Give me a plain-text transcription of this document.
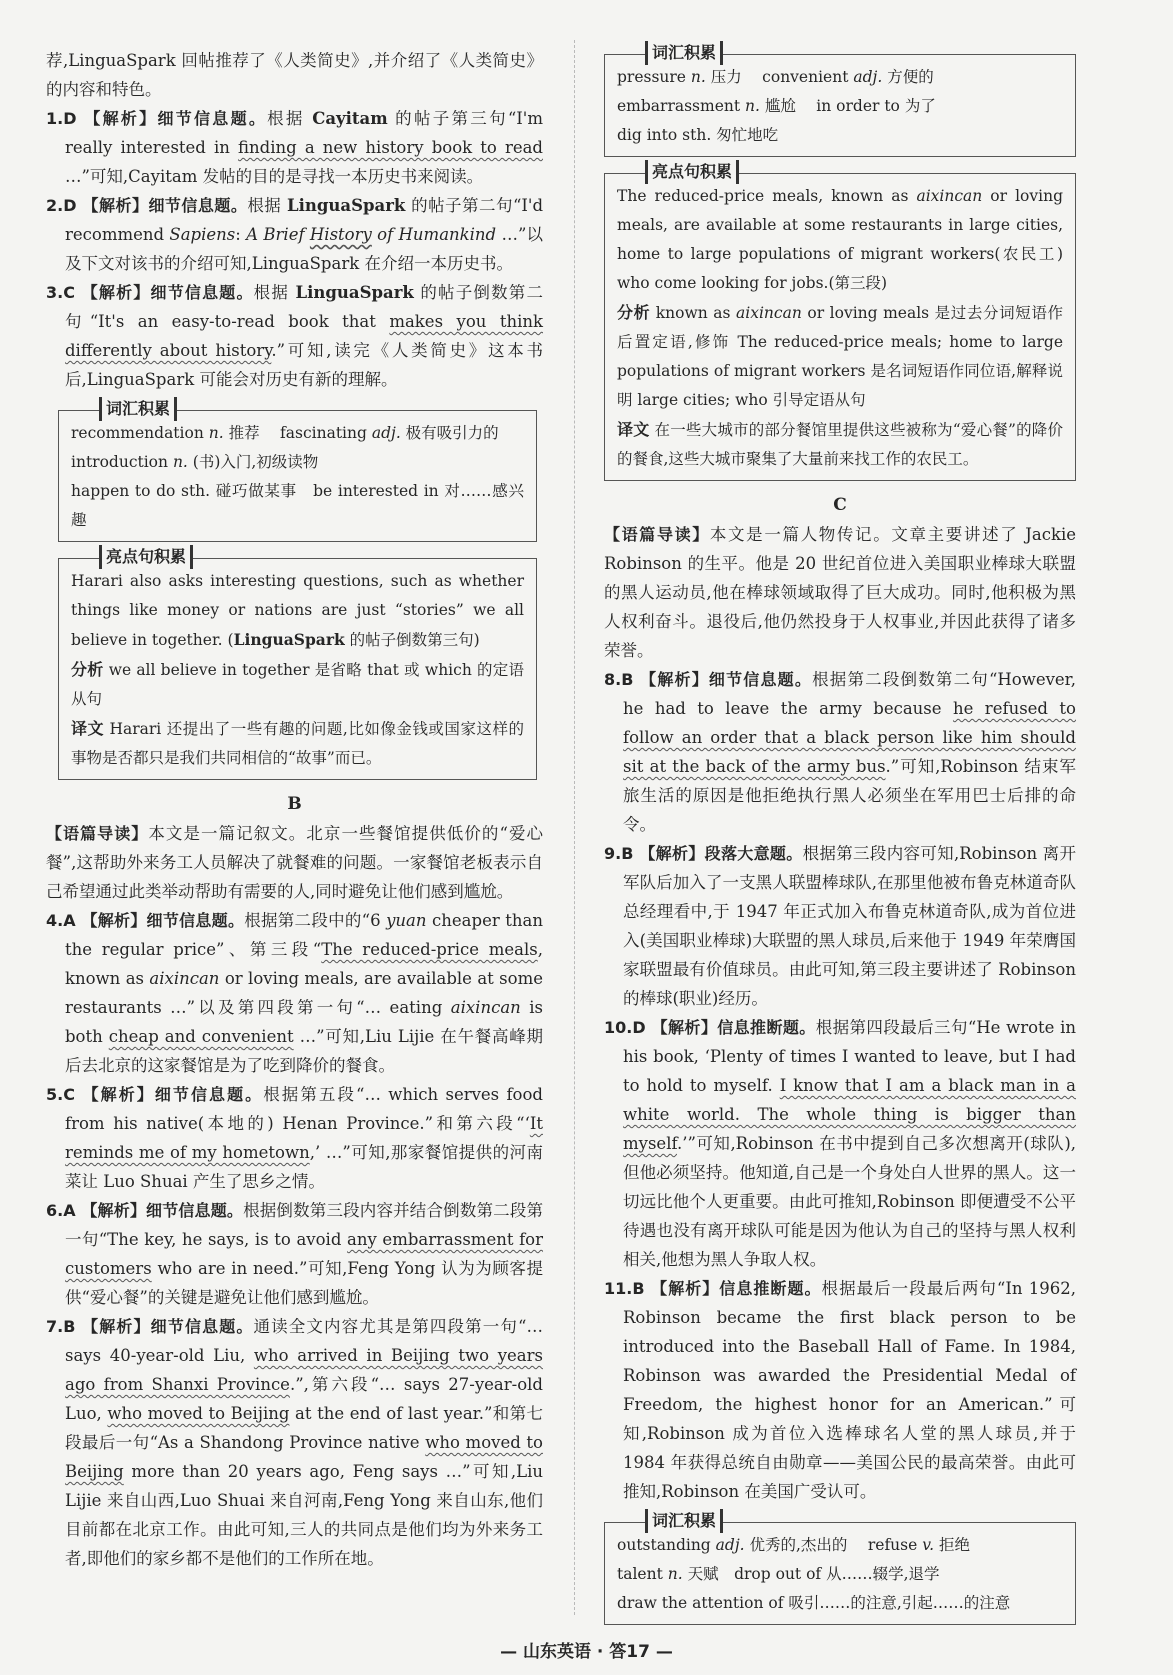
荐,LinguaSpark 回帖推荐了《人类简史》,并介绍了《人类简史》的内容和特色。

1.D 【解析】细节信息题。根据 Cayitam 的帖子第三句“I'm really interested in finding a new history book to read …”可知,Cayitam 发帖的目的是寻找一本历史书来阅读。

2.D 【解析】细节信息题。根据 LinguaSpark 的帖子第二句“I'd recommend Sapiens: A Brief History of Humankind …”以及下文对该书的介绍可知,LinguaSpark 在介绍一本历史书。

3.C 【解析】细节信息题。根据 LinguaSpark 的帖子倒数第二句“It's an easy-to-read book that makes you think differently about history.”可知,读完《人类简史》这本书后,LinguaSpark 可能会对历史有新的理解。

词汇积累

recommendation n. 推荐　 fascinating adj. 极有吸引力的

introduction n. (书)入门,初级读物

happen to do sth. 碰巧做某事　be interested in 对……感兴趣

亮点句积累

Harari also asks interesting questions, such as whether things like money or nations are just “stories” we all believe in together. (LinguaSpark 的帖子倒数第三句)

分析 we all believe in together 是省略 that 或 which 的定语从句

译文 Harari 还提出了一些有趣的问题,比如像金钱或国家这样的事物是否都只是我们共同相信的“故事”而已。

B

【语篇导读】本文是一篇记叙文。北京一些餐馆提供低价的“爱心餐”,这帮助外来务工人员解决了就餐难的问题。一家餐馆老板表示自己希望通过此类举动帮助有需要的人,同时避免让他们感到尴尬。

4.A 【解析】细节信息题。根据第二段中的“6 yuan cheaper than the regular price”、第三段“The reduced-price meals, known as aixincan or loving meals, are available at some restaurants …”以及第四段第一句“… eating aixincan is both cheap and convenient …”可知,Liu Lijie 在午餐高峰期后去北京的这家餐馆是为了吃到降价的餐食。

5.C 【解析】细节信息题。根据第五段“… which serves food from his native(本地的) Henan Province.”和第六段“‘It reminds me of my hometown,’ …”可知,那家餐馆提供的河南菜让 Luo Shuai 产生了思乡之情。

6.A 【解析】细节信息题。根据倒数第三段内容并结合倒数第二段第一句“The key, he says, is to avoid any embarrassment for customers who are in need.”可知,Feng Yong 认为为顾客提供“爱心餐”的关键是避免让他们感到尴尬。

7.B 【解析】细节信息题。通读全文内容尤其是第四段第一句“… says 40-year-old Liu, who arrived in Beijing two years ago from Shanxi Province.”,第六段“… says 27-year-old Luo, who moved to Beijing at the end of last year.”和第七段最后一句“As a Shandong Province native who moved to Beijing more than 20 years ago, Feng says …”可知,Liu Lijie 来自山西,Luo Shuai 来自河南,Feng Yong 来自山东,他们目前都在北京工作。由此可知,三人的共同点是他们均为外来务工者,即他们的家乡都不是他们的工作所在地。

词汇积累

pressure n. 压力　 convenient adj. 方便的

embarrassment n. 尴尬　 in order to 为了

dig into sth. 匆忙地吃

亮点句积累

The reduced-price meals, known as aixincan or loving meals, are available at some restaurants in large cities, home to large populations of migrant workers(农民工) who come looking for jobs.(第三段)

分析 known as aixincan or loving meals 是过去分词短语作后置定语,修饰 The reduced-price meals; home to large populations of migrant workers 是名词短语作同位语,解释说明 large cities; who 引导定语从句

译文 在一些大城市的部分餐馆里提供这些被称为“爱心餐”的降价的餐食,这些大城市聚集了大量前来找工作的农民工。

C

【语篇导读】本文是一篇人物传记。文章主要讲述了 Jackie Robinson 的生平。他是 20 世纪首位进入美国职业棒球大联盟的黑人运动员,他在棒球领域取得了巨大成功。同时,他积极为黑人权利奋斗。退役后,他仍然投身于人权事业,并因此获得了诸多荣誉。

8.B 【解析】细节信息题。根据第二段倒数第二句“However, he had to leave the army because he refused to follow an order that a black person like him should sit at the back of the army bus.”可知,Robinson 结束军旅生活的原因是他拒绝执行黑人必须坐在军用巴士后排的命令。

9.B 【解析】段落大意题。根据第三段内容可知,Robinson 离开军队后加入了一支黑人联盟棒球队,在那里他被布鲁克林道奇队总经理看中,于 1947 年正式加入布鲁克林道奇队,成为首位进入(美国职业棒球)大联盟的黑人球员,后来他于 1949 年荣膺国家联盟最有价值球员。由此可知,第三段主要讲述了 Robinson 的棒球(职业)经历。

10.D 【解析】信息推断题。根据第四段最后三句“He wrote in his book, ‘Plenty of times I wanted to leave, but I had to hold to myself. I know that I am a black man in a white world. The whole thing is bigger than myself.’”可知,Robinson 在书中提到自己多次想离开(球队),但他必须坚持。他知道,自己是一个身处白人世界的黑人。这一切远比他个人更重要。由此可推知,Robinson 即便遭受不公平待遇也没有离开球队可能是因为他认为自己的坚持与黑人权利相关,他想为黑人争取人权。

11.B 【解析】信息推断题。根据最后一段最后两句“In 1962, Robinson became the first black person to be introduced into the Baseball Hall of Fame. In 1984, Robinson was awarded the Presidential Medal of Freedom, the highest honor for an American.”可知,Robinson 成为首位入选棒球名人堂的黑人球员,并于 1984 年获得总统自由勋章——美国公民的最高荣誉。由此可推知,Robinson 在美国广受认可。

词汇积累

outstanding adj. 优秀的,杰出的　 refuse v. 拒绝

talent n. 天赋　drop out of 从……辍学,退学

draw the attention of 吸引……的注意,引起……的注意

— 山东英语 · 答17 —
